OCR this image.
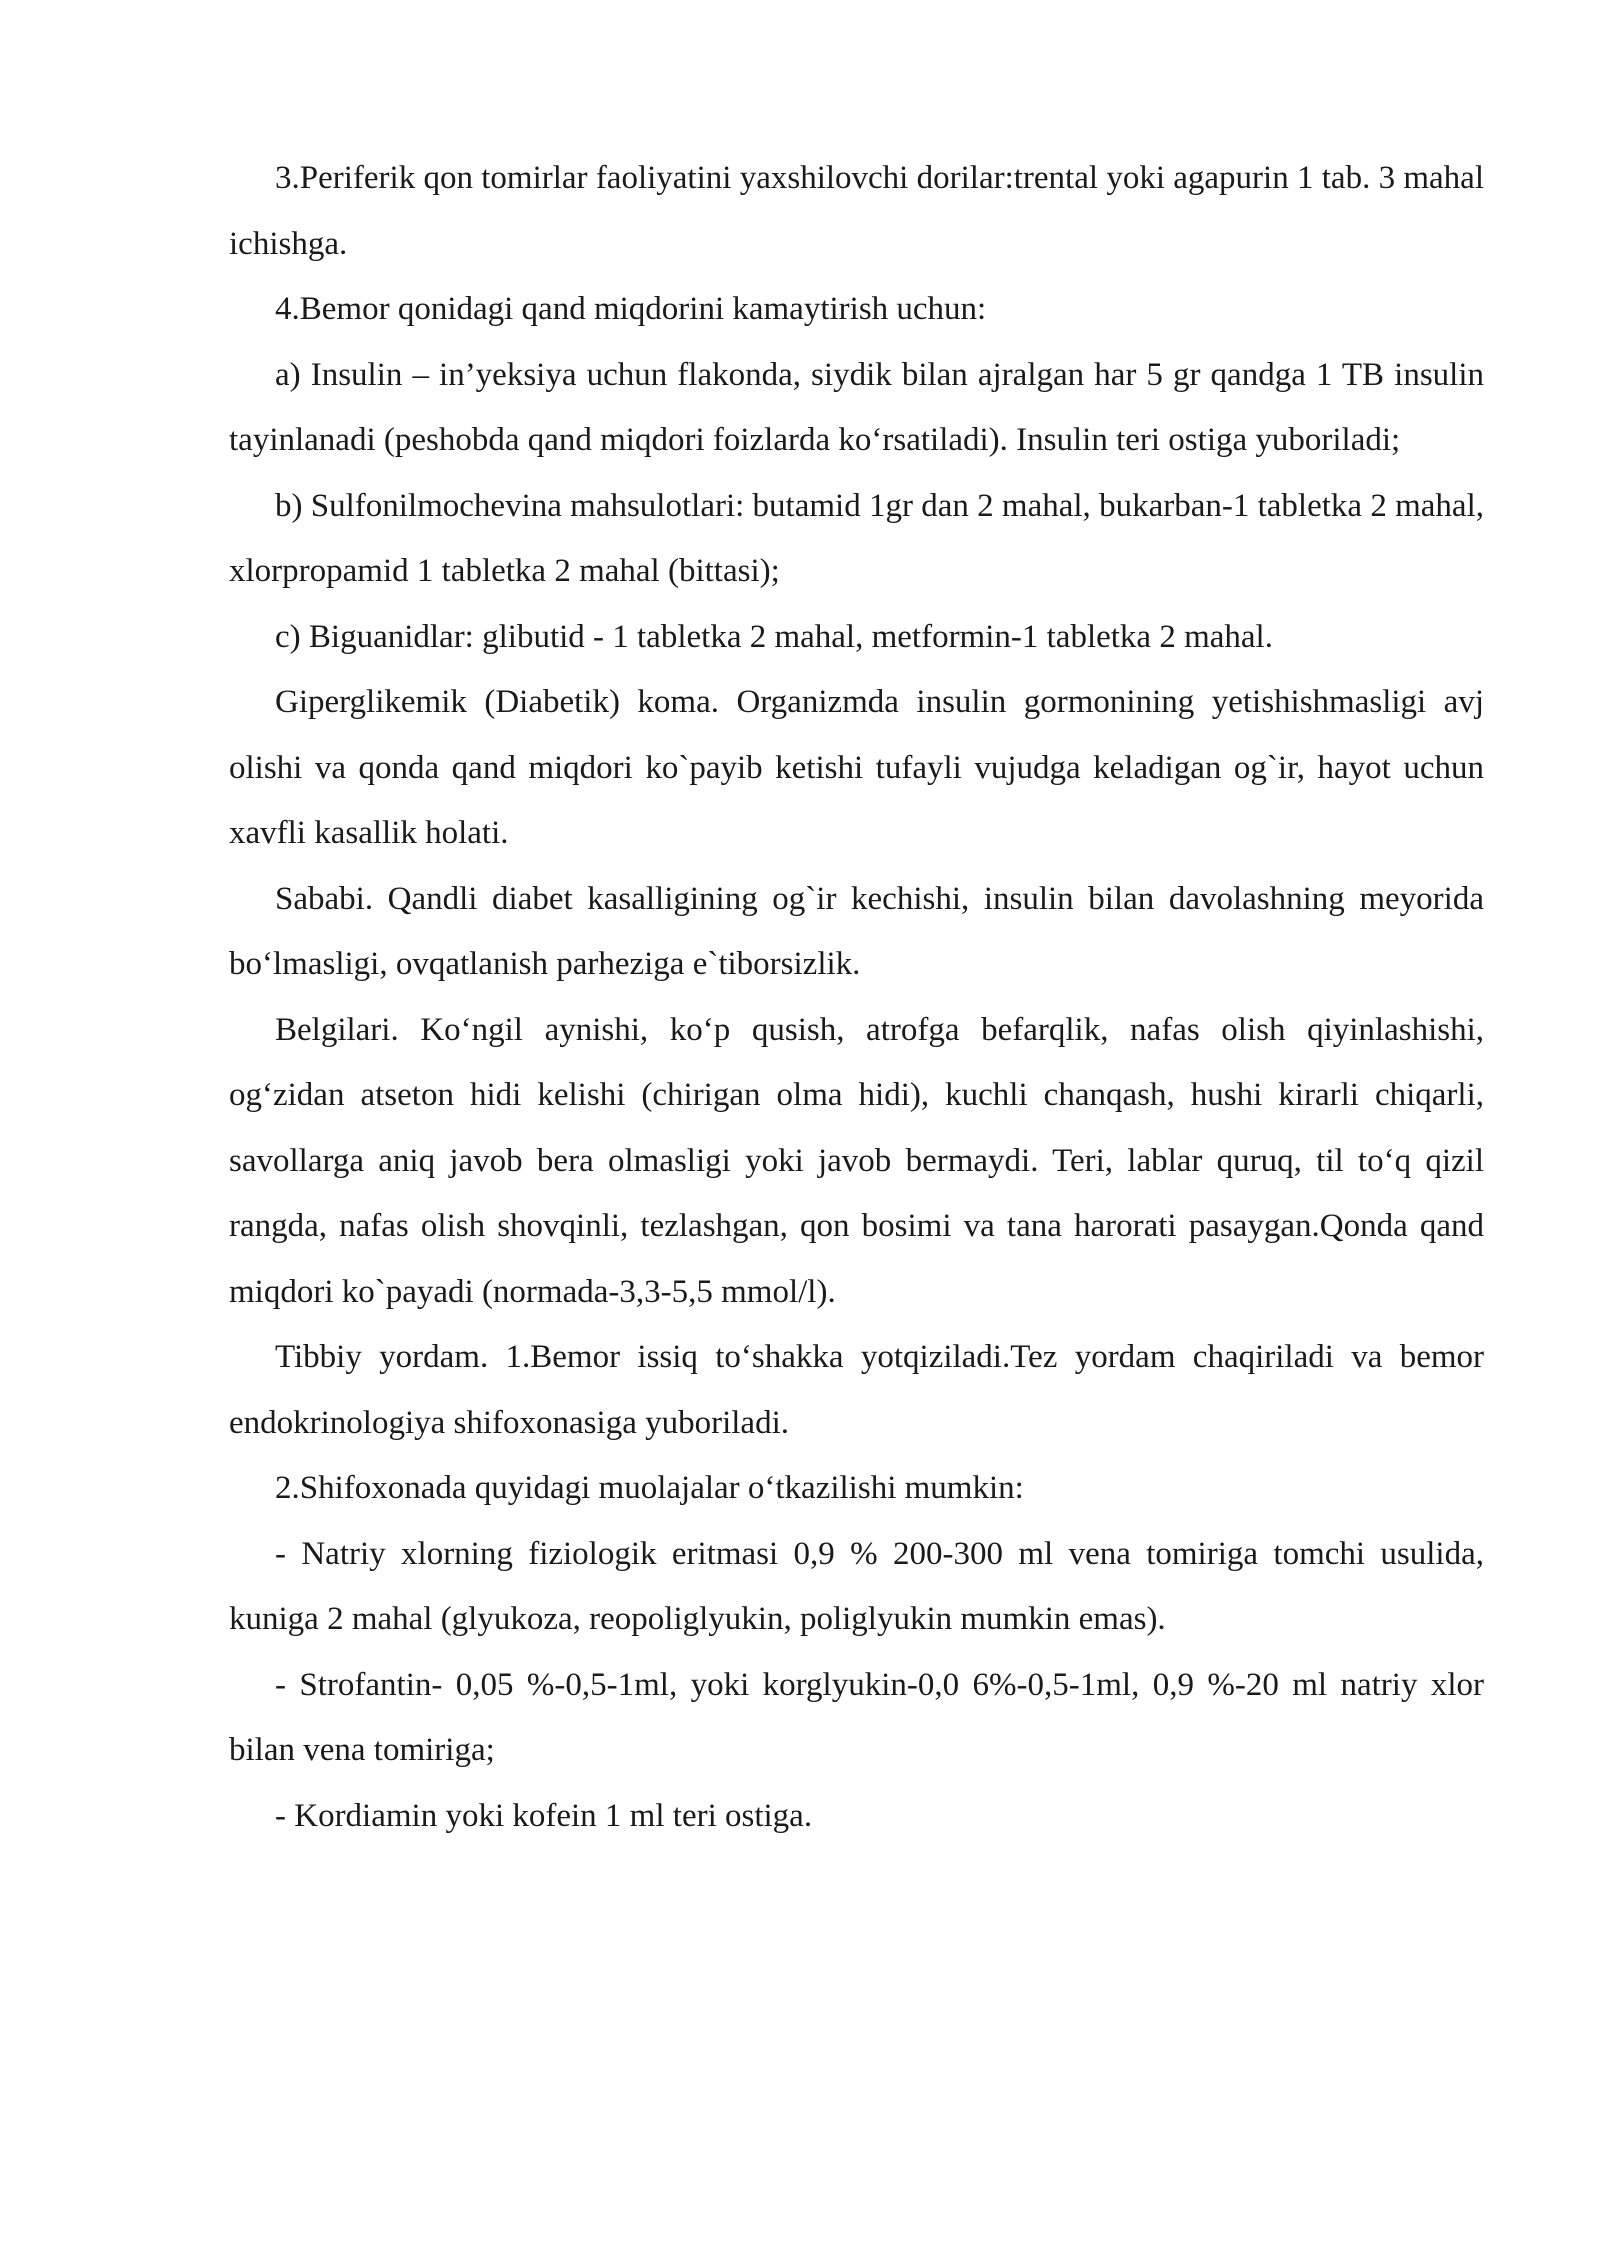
3.Periferik qon tomirlar faoliyatini yaxshilovchi dorilar:trental yoki agapurin 1 tab. 3 mahal ichishga.

4.Bemor qonidagi qand miqdorini kamaytirish uchun:

a) Insulin – in’yeksiya uchun flakonda, siydik bilan ajralgan har 5 gr qandga 1 TB insulin tayinlanadi (peshobda qand miqdori foizlarda ko‘rsatiladi). Insulin teri ostiga yuboriladi;

b) Sulfonilmochevina mahsulotlari: butamid 1gr dan 2 mahal, bukarban-1 tabletka 2 mahal, xlorpropamid 1 tabletka 2 mahal (bittasi);

c) Biguanidlar: glibutid - 1 tabletka 2 mahal, metformin-1 tabletka 2 mahal.

Giperglikemik (Diabetik) koma. Organizmda insulin gormonining yetishishmasligi avj olishi va qonda qand miqdori ko`payib ketishi tufayli vujudga keladigan og`ir, hayot uchun xavfli kasallik holati.

Sababi. Qandli diabet kasalligining og`ir kechishi, insulin bilan davolashning meyorida bo‘lmasligi, ovqatlanish parheziga e`tiborsizlik.

Belgilari. Ko‘ngil aynishi, ko‘p qusish, atrofga befarqlik, nafas olish qiyinlashishi, og‘zidan atseton hidi kelishi (chirigan olma hidi), kuchli chanqash, hushi kirarli chiqarli, savollarga aniq javob bera olmasligi yoki javob bermaydi. Teri, lablar quruq, til to‘q qizil rangda, nafas olish shovqinli, tezlashgan, qon bosimi va tana harorati pasaygan.Qonda qand miqdori ko`payadi (normada-3,3-5,5 mmol/l).

Tibbiy yordam. 1.Bemor issiq to‘shakka yotqiziladi.Tez yordam chaqiriladi va bemor endokrinologiya shifoxonasiga yuboriladi.

2.Shifoxonada quyidagi muolajalar o‘tkazilishi mumkin:

- Natriy xlorning fiziologik eritmasi 0,9 % 200-300 ml vena tomiriga tomchi usulida, kuniga 2 mahal (glyukoza, reopoliglyukin, poliglyukin mumkin emas).

- Strofantin- 0,05 %-0,5-1ml, yoki korglyukin-0,0 6%-0,5-1ml, 0,9 %-20 ml natriy xlor bilan vena tomiriga;

- Kordiamin yoki kofein 1 ml teri ostiga.
